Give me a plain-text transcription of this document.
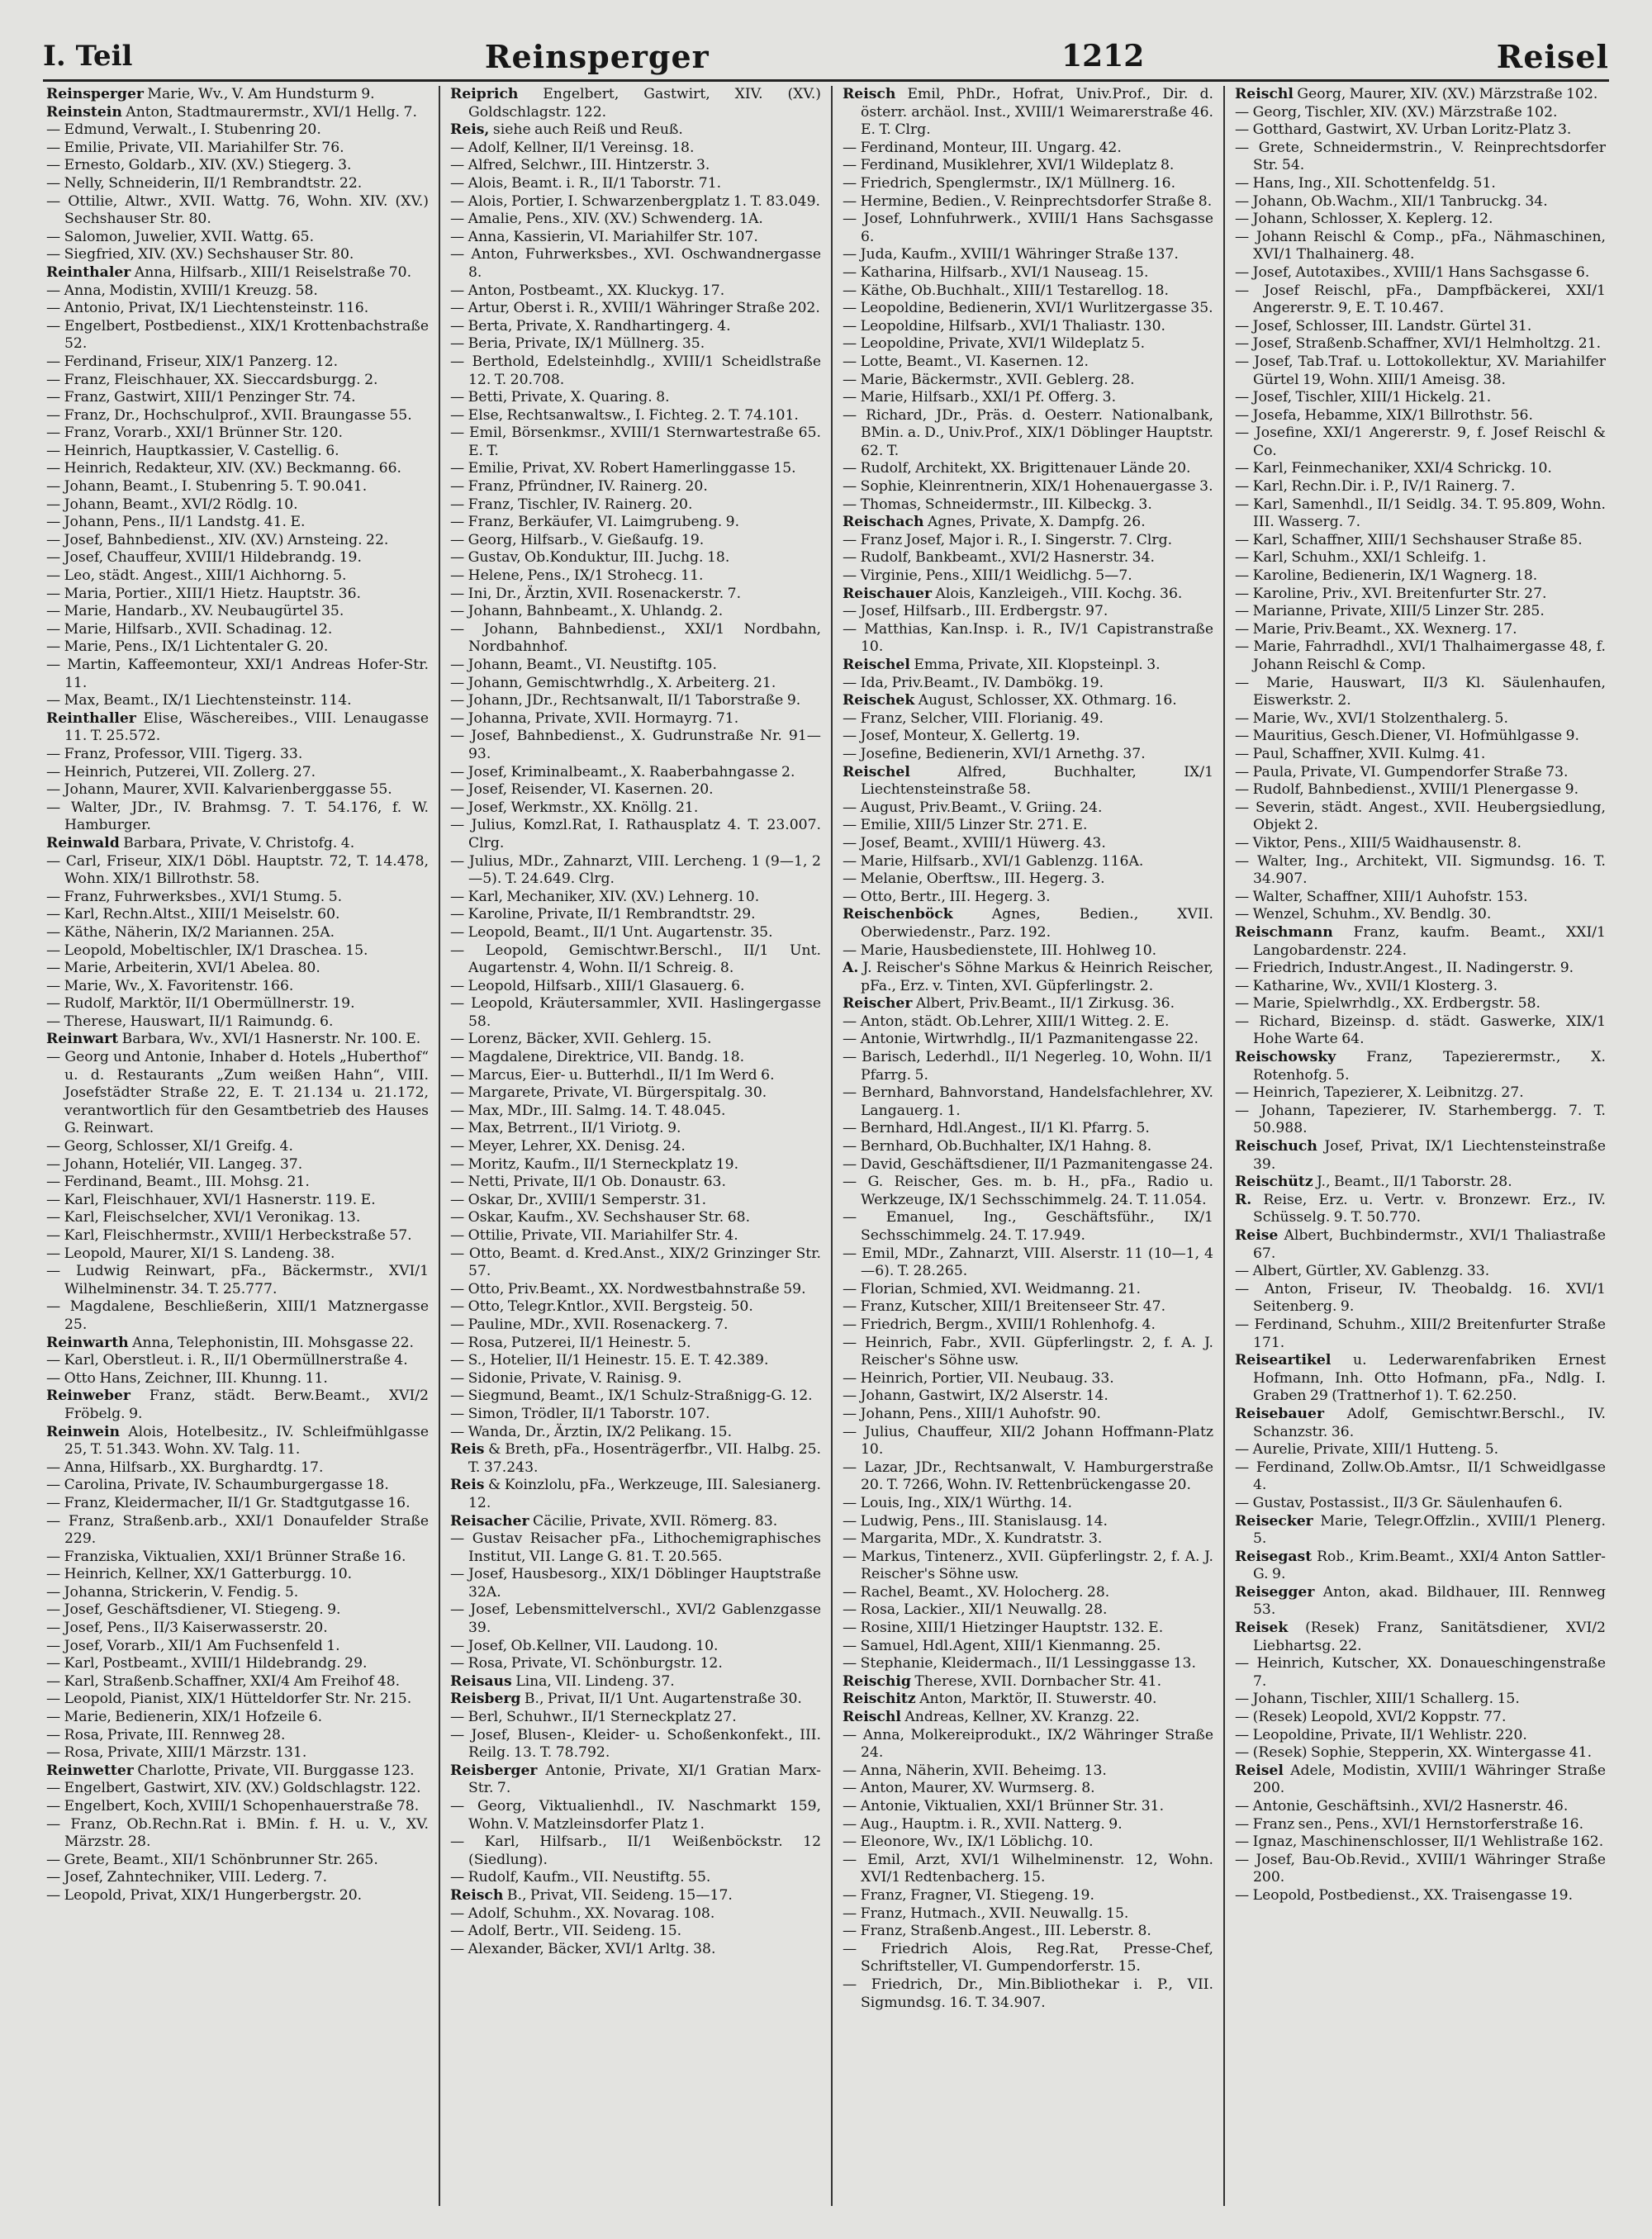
I. Teil	Reinsperger	1212	Reisel
Reinsperger Marie, Wv., V. Am Hundsturm 9.
Reinstein Anton, Stadtmaurermstr., XVI/1 Hellg. 7.
— Edmund, Verwalt., I. Stubenring 20.
— Emilie, Private, VII. Mariahilfer Str. 76.
— Ernesto, Goldarb., XIV. (XV.) Stiegerg. 3.
— Nelly, Schneiderin, II/1 Rembrandtstr. 22.
— Ottilie, Altwr., XVII. Wattg. 76, Wohn. XIV. (XV.) Sechshauser Str. 80.
— Salomon, Juwelier, XVII. Wattg. 65.
— Siegfried, XIV. (XV.) Sechshauser Str. 80.
Reinthaler Anna, Hilfsarb., XIII/1 Reiselstraße 70.
— Anna, Modistin, XVIII/1 Kreuzg. 58.
— Antonio, Privat, IX/1 Liechtensteinstr. 116.
— Engelbert, Postbedienst., XIX/1 Krottenbachstraße 52.
— Ferdinand, Friseur, XIX/1 Panzerg. 12.
— Franz, Fleischhauer, XX. Sieccardsburgg. 2.
— Franz, Gastwirt, XIII/1 Penzinger Str. 74.
— Franz, Dr., Hochschulprof., XVII. Braungasse 55.
— Franz, Vorarb., XXI/1 Brünner Str. 120.
— Heinrich, Hauptkassier, V. Castellig. 6.
— Heinrich, Redakteur, XIV. (XV.) Beckmanng. 66.
— Johann, Beamt., I. Stubenring 5. T. 90.041.
— Johann, Beamt., XVI/2 Rödlg. 10.
— Johann, Pens., II/1 Landstg. 41. E.
— Josef, Bahnbedienst., XIV. (XV.) Arnsteing. 22.
— Josef, Chauffeur, XVIII/1 Hildebrandg. 19.
— Leo, städt. Angest., XIII/1 Aichhorng. 5.
— Maria, Portier., XIII/1 Hietz. Hauptstr. 36.
— Marie, Handarb., XV. Neubaugürtel 35.
— Marie, Hilfsarb., XVII. Schadinag. 12.
— Marie, Pens., IX/1 Lichtentaler G. 20.
— Martin, Kaffeemonteur, XXI/1 Andreas Hofer-Str. 11.
— Max, Beamt., IX/1 Liechtensteinstr. 114.
Reinthaller Elise, Wäschereibes., VIII. Lenaugasse 11. T. 25.572.
— Franz, Professor, VIII. Tigerg. 33.
— Heinrich, Putzerei, VII. Zollerg. 27.
— Johann, Maurer, XVII. Kalvarienberggasse 55.
— Walter, JDr., IV. Brahmsg. 7. T. 54.176, f. W. Hamburger.
Reinwald Barbara, Private, V. Christofg. 4.
— Carl, Friseur, XIX/1 Döbl. Hauptstr. 72, T. 14.478, Wohn. XIX/1 Billrothstr. 58.
— Franz, Fuhrwerksbes., XVI/1 Stumg. 5.
— Karl, Rechn.Altst., XIII/1 Meiselstr. 60.
— Käthe, Näherin, IX/2 Mariannen. 25A.
— Leopold, Mobeltischler, IX/1 Draschea. 15.
— Marie, Arbeiterin, XVI/1 Abelea. 80.
— Marie, Wv., X. Favoritenstr. 166.
— Rudolf, Marktör, II/1 Obermüllnerstr. 19.
— Therese, Hauswart, II/1 Raimundg. 6.
Reinwart Barbara, Wv., XVI/1 Hasnerstr. Nr. 100. E.
— Georg und Antonie, Inhaber d. Hotels „Huberthof“ u. d. Restaurants „Zum weißen Hahn“, VIII. Josefstädter Straße 22, E. T. 21.134 u. 21.172, verantwortlich für den Gesamtbetrieb des Hauses G. Reinwart.
— Georg, Schlosser, XI/1 Greifg. 4.
— Johann, Hoteliér, VII. Langeg. 37.
— Ferdinand, Beamt., III. Mohsg. 21.
— Karl, Fleischhauer, XVI/1 Hasnerstr. 119. E.
— Karl, Fleischselcher, XVI/1 Veronikag. 13.
— Karl, Fleischhermstr., XVIII/1 Herbeckstraße 57.
— Leopold, Maurer, XI/1 S. Landeng. 38.
— Ludwig Reinwart, pFa., Bäckermstr., XVI/1 Wilhelminenstr. 34. T. 25.777.
— Magdalene, Beschließerin, XIII/1 Matznergasse 25.
Reinwarth Anna, Telephonistin, III. Mohsgasse 22.
— Karl, Oberstleut. i. R., II/1 Obermüllnerstraße 4.
— Otto Hans, Zeichner, III. Khunng. 11.
Reinweber Franz, städt. Berw.Beamt., XVI/2 Fröbelg. 9.
Reinwein Alois, Hotelbesitz., IV. Schleifmühlgasse 25, T. 51.343. Wohn. XV. Talg. 11.
— Anna, Hilfsarb., XX. Burghardtg. 17.
— Carolina, Private, IV. Schaumburgergasse 18.
— Franz, Kleidermacher, II/1 Gr. Stadtgutgasse 16.
— Franz, Straßenb.arb., XXI/1 Donaufelder Straße 229.
— Franziska, Viktualien, XXI/1 Brünner Straße 16.
— Heinrich, Kellner, XX/1 Gatterburgg. 10.
— Johanna, Strickerin, V. Fendig. 5.
— Josef, Geschäftsdiener, VI. Stiegeng. 9.
— Josef, Pens., II/3 Kaiserwasserstr. 20.
— Josef, Vorarb., XII/1 Am Fuchsenfeld 1.
— Karl, Postbeamt., XVIII/1 Hildebrandg. 29.
— Karl, Straßenb.Schaffner, XXI/4 Am Freihof 48.
— Leopold, Pianist, XIX/1 Hütteldorfer Str. Nr. 215.
— Marie, Bedienerin, XIX/1 Hofzeile 6.
— Rosa, Private, III. Rennweg 28.
— Rosa, Private, XIII/1 Märzstr. 131.
Reinwetter Charlotte, Private, VII. Burggasse 123.
— Engelbert, Gastwirt, XIV. (XV.) Goldschlagstr. 122.
— Engelbert, Koch, XVIII/1 Schopenhauerstraße 78.
— Franz, Ob.Rechn.Rat i. BMin. f. H. u. V., XV. Märzstr. 28.
— Grete, Beamt., XII/1 Schönbrunner Str. 265.
— Josef, Zahntechniker, VIII. Lederg. 7.
— Leopold, Privat, XIX/1 Hungerbergstr. 20.
Reiprich Engelbert, Gastwirt, XIV. (XV.) Goldschlagstr. 122.
Reis, siehe auch Reiß und Reuß.
— Adolf, Kellner, II/1 Vereinsg. 18.
— Alfred, Selchwr., III. Hintzerstr. 3.
— Alois, Beamt. i. R., II/1 Taborstr. 71.
— Alois, Portier, I. Schwarzenbergplatz 1. T. 83.049.
— Amalie, Pens., XIV. (XV.) Schwenderg. 1A.
— Anna, Kassierin, VI. Mariahilfer Str. 107.
— Anton, Fuhrwerksbes., XVI. Oschwandnergasse 8.
— Anton, Postbeamt., XX. Kluckyg. 17.
— Artur, Oberst i. R., XVIII/1 Währinger Straße 202.
— Berta, Private, X. Randhartingerg. 4.
— Beria, Private, IX/1 Müllnerg. 35.
— Berthold, Edelsteinhdlg., XVIII/1 Scheidlstraße 12. T. 20.708.
— Betti, Private, X. Quaring. 8.
— Else, Rechtsanwaltsw., I. Fichteg. 2. T. 74.101.
— Emil, Börsenkmsr., XVIII/1 Sternwartestraße 65. E. T.
— Emilie, Privat, XV. Robert Hamerlinggasse 15.
— Franz, Pfründner, IV. Rainerg. 20.
— Franz, Tischler, IV. Rainerg. 20.
— Franz, Berkäufer, VI. Laimgrubeng. 9.
— Georg, Hilfsarb., V. Gießaufg. 19.
— Gustav, Ob.Konduktur, III. Juchg. 18.
— Helene, Pens., IX/1 Strohecg. 11.
— Ini, Dr., Ärztin, XVII. Rosenackerstr. 7.
— Johann, Bahnbeamt., X. Uhlandg. 2.
— Johann, Bahnbedienst., XXI/1 Nordbahn, Nordbahnhof.
— Johann, Beamt., VI. Neustiftg. 105.
— Johann, Gemischtwrhdlg., X. Arbeiterg. 21.
— Johann, JDr., Rechtsanwalt, II/1 Taborstraße 9.
— Johanna, Private, XVII. Hormayrg. 71.
— Josef, Bahnbedienst., X. Gudrunstraße Nr. 91—93.
— Josef, Kriminalbeamt., X. Raaberbahngasse 2.
— Josef, Reisender, VI. Kasernen. 20.
— Josef, Werkmstr., XX. Knöllg. 21.
— Julius, Komzl.Rat, I. Rathausplatz 4. T. 23.007. Clrg.
— Julius, MDr., Zahnarzt, VIII. Lercheng. 1 (9—1, 2—5). T. 24.649. Clrg.
— Karl, Mechaniker, XIV. (XV.) Lehnerg. 10.
— Karoline, Private, II/1 Rembrandtstr. 29.
— Leopold, Beamt., II/1 Unt. Augartenstr. 35.
— Leopold, Gemischtwr.Berschl., II/1 Unt. Augartenstr. 4, Wohn. II/1 Schreig. 8.
— Leopold, Hilfsarb., XIII/1 Glasauerg. 6.
— Leopold, Kräutersammler, XVII. Haslingergasse 58.
— Lorenz, Bäcker, XVII. Gehlerg. 15.
— Magdalene, Direktrice, VII. Bandg. 18.
— Marcus, Eier- u. Butterhdl., II/1 Im Werd 6.
— Margarete, Private, VI. Bürgerspitalg. 30.
— Max, MDr., III. Salmg. 14. T. 48.045.
— Max, Betrrent., II/1 Viriotg. 9.
— Meyer, Lehrer, XX. Denisg. 24.
— Moritz, Kaufm., II/1 Sterneckplatz 19.
— Netti, Private, II/1 Ob. Donaustr. 63.
— Oskar, Dr., XVIII/1 Semperstr. 31.
— Oskar, Kaufm., XV. Sechshauser Str. 68.
— Ottilie, Private, VII. Mariahilfer Str. 4.
— Otto, Beamt. d. Kred.Anst., XIX/2 Grinzinger Str. 57.
— Otto, Priv.Beamt., XX. Nordwestbahnstraße 59.
— Otto, Telegr.Kntlor., XVII. Bergsteig. 50.
— Pauline, MDr., XVII. Rosenackerg. 7.
— Rosa, Putzerei, II/1 Heinestr. 5.
— S., Hotelier, II/1 Heinestr. 15. E. T. 42.389.
— Sidonie, Private, V. Rainisg. 9.
— Siegmund, Beamt., IX/1 Schulz-Straßnigg-G. 12.
— Simon, Trödler, II/1 Taborstr. 107.
— Wanda, Dr., Ärztin, IX/2 Pelikang. 15.
Reis & Breth, pFa., Hosenträgerfbr., VII. Halbg. 25. T. 37.243.
Reis & Koinzlolu, pFa., Werkzeuge, III. Salesianerg. 12.
Reisacher Cäcilie, Private, XVII. Römerg. 83.
— Gustav Reisacher pFa., Lithochemigraphisches Institut, VII. Lange G. 81. T. 20.565.
— Josef, Hausbesorg., XIX/1 Döblinger Hauptstraße 32A.
— Josef, Lebensmittelverschl., XVI/2 Gablenzgasse 39.
— Josef, Ob.Kellner, VII. Laudong. 10.
— Rosa, Private, VI. Schönburgstr. 12.
Reisaus Lina, VII. Lindeng. 37.
Reisberg B., Privat, II/1 Unt. Augartenstraße 30.
— Berl, Schuhwr., II/1 Sterneckplatz 27.
— Josef, Blusen-, Kleider- u. Schoßenkonfekt., III. Reilg. 13. T. 78.792.
Reisberger Antonie, Private, XI/1 Gratian Marx-Str. 7.
— Georg, Viktualienhdl., IV. Naschmarkt 159, Wohn. V. Matzleinsdorfer Platz 1.
— Karl, Hilfsarb., II/1 Weißenböckstr. 12 (Siedlung).
— Rudolf, Kaufm., VII. Neustiftg. 55.
Reisch B., Privat, VII. Seideng. 15—17.
— Adolf, Schuhm., XX. Novarag. 108.
— Adolf, Bertr., VII. Seideng. 15.
— Alexander, Bäcker, XVI/1 Arltg. 38.
Reisch Emil, PhDr., Hofrat, Univ.Prof., Dir. d. österr. archäol. Inst., XVIII/1 Weimarerstraße 46. E. T. Clrg.
— Ferdinand, Monteur, III. Ungarg. 42.
— Ferdinand, Musiklehrer, XVI/1 Wildeplatz 8.
— Friedrich, Spenglermstr., IX/1 Müllnerg. 16.
— Hermine, Bedien., V. Reinprechtsdorfer Straße 8.
— Josef, Lohnfuhrwerk., XVIII/1 Hans Sachsgasse 6.
— Juda, Kaufm., XVIII/1 Währinger Straße 137.
— Katharina, Hilfsarb., XVI/1 Nauseag. 15.
— Käthe, Ob.Buchhalt., XIII/1 Testarellog. 18.
— Leopoldine, Bedienerin, XVI/1 Wurlitzergasse 35.
— Leopoldine, Hilfsarb., XVI/1 Thaliastr. 130.
— Leopoldine, Private, XVI/1 Wildeplatz 5.
— Lotte, Beamt., VI. Kasernen. 12.
— Marie, Bäckermstr., XVII. Geblerg. 28.
— Marie, Hilfsarb., XXI/1 Pf. Offerg. 3.
— Richard, JDr., Präs. d. Oesterr. Nationalbank, BMin. a. D., Univ.Prof., XIX/1 Döblinger Hauptstr. 62. T.
— Rudolf, Architekt, XX. Brigittenauer Lände 20.
— Sophie, Kleinrentnerin, XIX/1 Hohenauergasse 3.
— Thomas, Schneidermstr., III. Kilbeckg. 3.
Reischach Agnes, Private, X. Dampfg. 26.
— Franz Josef, Major i. R., I. Singerstr. 7. Clrg.
— Rudolf, Bankbeamt., XVI/2 Hasnerstr. 34.
— Virginie, Pens., XIII/1 Weidlichg. 5—7.
Reischauer Alois, Kanzleigeh., VIII. Kochg. 36.
— Josef, Hilfsarb., III. Erdbergstr. 97.
— Matthias, Kan.Insp. i. R., IV/1 Capistranstraße 10.
Reischel Emma, Private, XII. Klopsteinpl. 3.
— Ida, Priv.Beamt., IV. Dambökg. 19.
Reischek August, Schlosser, XX. Othmarg. 16.
— Franz, Selcher, VIII. Florianig. 49.
— Josef, Monteur, X. Gellertg. 19.
— Josefine, Bedienerin, XVI/1 Arnethg. 37.
Reischel Alfred, Buchhalter, IX/1 Liechtensteinstraße 58.
— August, Priv.Beamt., V. Griing. 24.
— Emilie, XIII/5 Linzer Str. 271. E.
— Josef, Beamt., XVIII/1 Hüwerg. 43.
— Marie, Hilfsarb., XVI/1 Gablenzg. 116A.
— Melanie, Oberftsw., III. Hegerg. 3.
— Otto, Bertr., III. Hegerg. 3.
Reischenböck Agnes, Bedien., XVII. Oberwiedenstr., Parz. 192.
— Marie, Hausbedienstete, III. Hohlweg 10.
A. J. Reischer's Söhne Markus & Heinrich Reischer, pFa., Erz. v. Tinten, XVI. Güpferlingstr. 2.
Reischer Albert, Priv.Beamt., II/1 Zirkusg. 36.
— Anton, städt. Ob.Lehrer, XIII/1 Witteg. 2. E.
— Antonie, Wirtwrhdlg., II/1 Pazmanitengasse 22.
— Barisch, Lederhdl., II/1 Negerleg. 10, Wohn. II/1 Pfarrg. 5.
— Bernhard, Bahnvorstand, Handelsfachlehrer, XV. Langauerg. 1.
— Bernhard, Hdl.Angest., II/1 Kl. Pfarrg. 5.
— Bernhard, Ob.Buchhalter, IX/1 Hahng. 8.
— David, Geschäftsdiener, II/1 Pazmanitengasse 24.
— G. Reischer, Ges. m. b. H., pFa., Radio u. Werkzeuge, IX/1 Sechsschimmelg. 24. T. 11.054.
— Emanuel, Ing., Geschäftsführ., IX/1 Sechsschimmelg. 24. T. 17.949.
— Emil, MDr., Zahnarzt, VIII. Alserstr. 11 (10—1, 4—6). T. 28.265.
— Florian, Schmied, XVI. Weidmanng. 21.
— Franz, Kutscher, XIII/1 Breitenseer Str. 47.
— Friedrich, Bergm., XVIII/1 Rohlenhofg. 4.
— Heinrich, Fabr., XVII. Güpferlingstr. 2, f. A. J. Reischer's Söhne usw.
— Heinrich, Portier, VII. Neubaug. 33.
— Johann, Gastwirt, IX/2 Alserstr. 14.
— Johann, Pens., XIII/1 Auhofstr. 90.
— Julius, Chauffeur, XII/2 Johann Hoffmann-Platz 10.
— Lazar, JDr., Rechtsanwalt, V. Hamburgerstraße 20. T. 7266, Wohn. IV. Rettenbrückengasse 20.
— Louis, Ing., XIX/1 Würthg. 14.
— Ludwig, Pens., III. Stanislausg. 14.
— Margarita, MDr., X. Kundratstr. 3.
— Markus, Tintenerz., XVII. Güpferlingstr. 2, f. A. J. Reischer's Söhne usw.
— Rachel, Beamt., XV. Holocherg. 28.
— Rosa, Lackier., XII/1 Neuwallg. 28.
— Rosine, XIII/1 Hietzinger Hauptstr. 132. E.
— Samuel, Hdl.Agent, XIII/1 Kienmanng. 25.
— Stephanie, Kleidermach., II/1 Lessinggasse 13.
Reischig Therese, XVII. Dornbacher Str. 41.
Reischitz Anton, Marktör, II. Stuwerstr. 40.
Reischl Andreas, Kellner, XV. Kranzg. 22.
— Anna, Molkereiprodukt., IX/2 Währinger Straße 24.
— Anna, Näherin, XVII. Beheimg. 13.
— Anton, Maurer, XV. Wurmserg. 8.
— Antonie, Viktualien, XXI/1 Brünner Str. 31.
— Aug., Hauptm. i. R., XVII. Natterg. 9.
— Eleonore, Wv., IX/1 Löblichg. 10.
— Emil, Arzt, XVI/1 Wilhelminenstr. 12, Wohn. XVI/1 Redtenbacherg. 15.
— Franz, Fragner, VI. Stiegeng. 19.
— Franz, Hutmach., XVII. Neuwallg. 15.
— Franz, Straßenb.Angest., III. Leberstr. 8.
— Friedrich Alois, Reg.Rat, Presse-Chef, Schriftsteller, VI. Gumpendorferstr. 15.
— Friedrich, Dr., Min.Bibliothekar i. P., VII. Sigmundsg. 16. T. 34.907.
Reischl Georg, Maurer, XIV. (XV.) Märzstraße 102.
— Georg, Tischler, XIV. (XV.) Märzstraße 102.
— Gotthard, Gastwirt, XV. Urban Loritz-Platz 3.
— Grete, Schneidermstrin., V. Reinprechtsdorfer Str. 54.
— Hans, Ing., XII. Schottenfeldg. 51.
— Johann, Ob.Wachm., XII/1 Tanbruckg. 34.
— Johann, Schlosser, X. Keplerg. 12.
— Johann Reischl & Comp., pFa., Nähmaschinen, XVI/1 Thalhainerg. 48.
— Josef, Autotaxibes., XVIII/1 Hans Sachsgasse 6.
— Josef Reischl, pFa., Dampfbäckerei, XXI/1 Angererstr. 9, E. T. 10.467.
— Josef, Schlosser, III. Landstr. Gürtel 31.
— Josef, Straßenb.Schaffner, XVI/1 Helmholtzg. 21.
— Josef, Tab.Traf. u. Lottokollektur, XV. Mariahilfer Gürtel 19, Wohn. XIII/1 Ameisg. 38.
— Josef, Tischler, XIII/1 Hickelg. 21.
— Josefa, Hebamme, XIX/1 Billrothstr. 56.
— Josefine, XXI/1 Angererstr. 9, f. Josef Reischl & Co.
— Karl, Feinmechaniker, XXI/4 Schrickg. 10.
— Karl, Rechn.Dir. i. P., IV/1 Rainerg. 7.
— Karl, Samenhdl., II/1 Seidlg. 34. T. 95.809, Wohn. III. Wasserg. 7.
— Karl, Schaffner, XIII/1 Sechshauser Straße 85.
— Karl, Schuhm., XXI/1 Schleifg. 1.
— Karoline, Bedienerin, IX/1 Wagnerg. 18.
— Karoline, Priv., XVI. Breitenfurter Str. 27.
— Marianne, Private, XIII/5 Linzer Str. 285.
— Marie, Priv.Beamt., XX. Wexnerg. 17.
— Marie, Fahrradhdl., XVI/1 Thalhaimergasse 48, f. Johann Reischl & Comp.
— Marie, Hauswart, II/3 Kl. Säulenhaufen, Eiswerkstr. 2.
— Marie, Wv., XVI/1 Stolzenthalerg. 5.
— Mauritius, Gesch.Diener, VI. Hofmühlgasse 9.
— Paul, Schaffner, XVII. Kulmg. 41.
— Paula, Private, VI. Gumpendorfer Straße 73.
— Rudolf, Bahnbedienst., XVIII/1 Plenergasse 9.
— Severin, städt. Angest., XVII. Heubergsiedlung, Objekt 2.
— Viktor, Pens., XIII/5 Waidhausenstr. 8.
— Walter, Ing., Architekt, VII. Sigmundsg. 16. T. 34.907.
— Walter, Schaffner, XIII/1 Auhofstr. 153.
— Wenzel, Schuhm., XV. Bendlg. 30.
Reischmann Franz, kaufm. Beamt., XXI/1 Langobardenstr. 224.
— Friedrich, Industr.Angest., II. Nadingerstr. 9.
— Katharine, Wv., XVII/1 Klosterg. 3.
— Marie, Spielwrhdlg., XX. Erdbergstr. 58.
— Richard, Bizeinsp. d. städt. Gaswerke, XIX/1 Hohe Warte 64.
Reischowsky Franz, Tapezierermstr., X. Rotenhofg. 5.
— Heinrich, Tapezierer, X. Leibnitzg. 27.
— Johann, Tapezierer, IV. Starhembergg. 7. T. 50.988.
Reischuch Josef, Privat, IX/1 Liechtensteinstraße 39.
Reischütz J., Beamt., II/1 Taborstr. 28.
R. Reise, Erz. u. Vertr. v. Bronzewr. Erz., IV. Schüsselg. 9. T. 50.770.
Reise Albert, Buchbindermstr., XVI/1 Thaliastraße 67.
— Albert, Gürtler, XV. Gablenzg. 33.
— Anton, Friseur, IV. Theobaldg. 16. XVI/1 Seitenberg. 9.
— Ferdinand, Schuhm., XIII/2 Breitenfurter Straße 171.
Reiseartikel u. Lederwarenfabriken Ernest Hofmann, Inh. Otto Hofmann, pFa., Ndlg. I. Graben 29 (Trattnerhof 1). T. 62.250.
Reisebauer Adolf, Gemischtwr.Berschl., IV. Schanzstr. 36.
— Aurelie, Private, XIII/1 Hutteng. 5.
— Ferdinand, Zollw.Ob.Amtsr., II/1 Schweidlgasse 4.
— Gustav, Postassist., II/3 Gr. Säulenhaufen 6.
Reisecker Marie, Telegr.Offzlin., XVIII/1 Plenerg. 5.
Reisegast Rob., Krim.Beamt., XXI/4 Anton Sattler-G. 9.
Reisegger Anton, akad. Bildhauer, III. Rennweg 53.
Reisek (Resek) Franz, Sanitätsdiener, XVI/2 Liebhartsg. 22.
— Heinrich, Kutscher, XX. Donaueschingenstraße 7.
— Johann, Tischler, XIII/1 Schallerg. 15.
— (Resek) Leopold, XVI/2 Koppstr. 77.
— Leopoldine, Private, II/1 Wehlistr. 220.
— (Resek) Sophie, Stepperin, XX. Wintergasse 41.
Reisel Adele, Modistin, XVIII/1 Währinger Straße 200.
— Antonie, Geschäftsinh., XVI/2 Hasnerstr. 46.
— Franz sen., Pens., XVI/1 Hernstorferstraße 16.
— Ignaz, Maschinenschlosser, II/1 Wehlistraße 162.
— Josef, Bau-Ob.Revid., XVIII/1 Währinger Straße 200.
— Leopold, Postbedienst., XX. Traisengasse 19.
